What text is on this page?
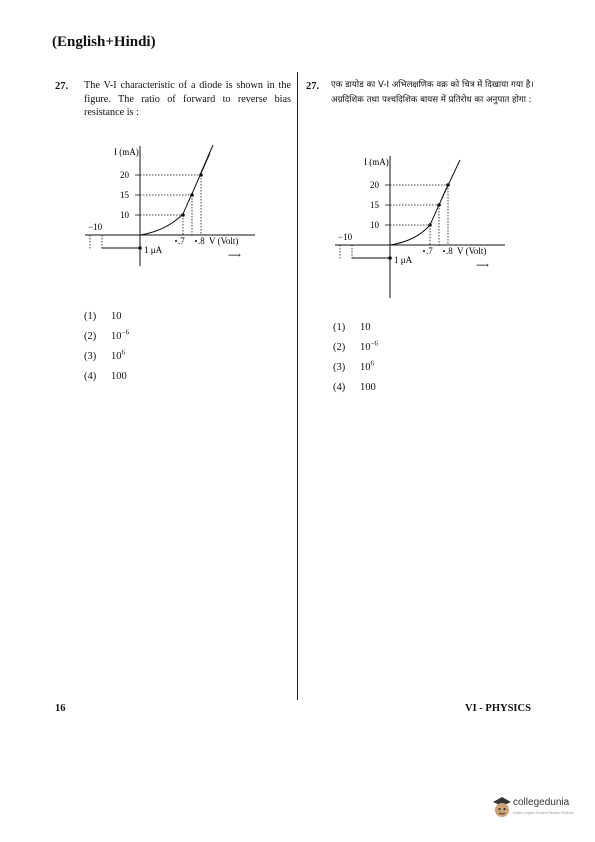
(English+Hindi)
27. The V-I characteristic of a diode is shown in the figure. The ratio of forward to reverse bias resistance is :
I (mA)
−10
1 μA
20
15
10
.7 .8 V (Volt)
⟶
(1) 10
(2) $10^{-6}$
(3) $10^6$
(4) 100
27. एक डायोड का V-I अभिलक्षणिक वक्र को चित्र में दिखाया गया है। अग्रदिशिक तथा पश्चदिशिक बायस में प्रतिरोध का अनुपात होगा :
I (mA)
−10
1 μA
20
15
10
.7 .8 V (Volt)
⟶
(1) 10
(2) $10^{-6}$
(3) $10^6$
(4) 100
16	VI - PHYSICS
collegedunia
India's largest Student Review Platform
